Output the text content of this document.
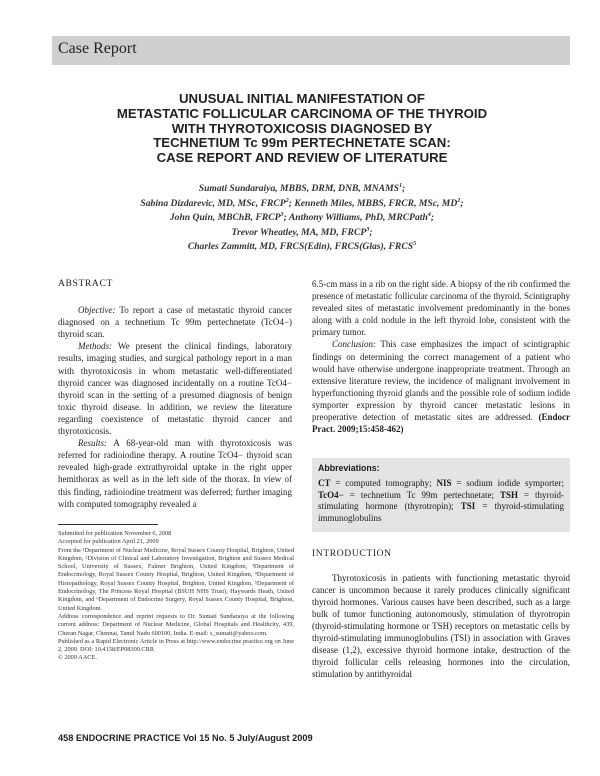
Case Report
UNUSUAL INITIAL MANIFESTATION OF
METASTATIC FOLLICULAR CARCINOMA OF THE THYROID
WITH THYROTOXICOSIS DIAGNOSED BY
TECHNETIUM Tc 99m PERTECHNETATE SCAN:
CASE REPORT AND REVIEW OF LITERATURE
Sumati Sundaraiya, MBBS, DRM, DNB, MNAMS$^1$;
Sabina Dizdarevic, MD, MSc, FRCP$^2$; Kenneth Miles, MBBS, FRCR, MSc, $MD^2$;
John Quin, MBChB, FRCP$^3$; Anthony Williams, PhD, MRCPath$^4$;
Trevor Wheatley, MA, MD, FRCP$^3$;
Charles Zammitt, MD, FRCS(Edin), FRCS(Glas), FRCS$^5$
ABSTRACT

Objective: To report a case of metastatic thyroid cancer diagnosed on a technetium Tc 99m pertechnetate (TcO4−) thyroid scan.

Methods: We present the clinical findings, laboratory results, imaging studies, and surgical pathology report in a man with thyrotoxicosis in whom metastatic well-differentiated thyroid cancer was diagnosed incidentally on a routine TcO4− thyroid scan in the setting of a presumed diagnosis of benign toxic thyroid disease. In addition, we review the literature regarding coexistence of metastatic thyroid cancer and thyrotoxicosis.

Results: A 68-year-old man with thyrotoxicosis was referred for radioiodine therapy. A routine TcO4− thyroid scan revealed high-grade extrathyroidal uptake in the right upper hemithorax as well as in the left side of the thorax. In view of this finding, radioiodine treatment was deferred; further imaging with computed tomography revealed a

Submitted for publication November 6, 2008
Accepted for publication April 21, 2009
From the ¹Department of Nuclear Medicine, Royal Sussex County Hospital, Brighton, United Kingdom, ²Division of Clinical and Laboratory Investigation, Brighton and Sussex Medical School, University of Sussex, Falmer Brighton, United Kingdom, ³Department of Endocrinology, Royal Sussex County Hospital, Brighton, United Kingdom, ⁴Department of Histopathology, Royal Sussex County Hospital, Brighton, United Kingdom, ⁵Department of Endocrinology, The Princess Royal Hospital (BSUH NHS Trust), Haywards Heath, United Kingdom, and ⁶Department of Endocrine Surgery, Royal Sussex County Hospital, Brighton, United Kingdom.
Address correspondence and reprint requests to Dr. Sumati Sundaraiya at the following current address: Department of Nuclear Medicine, Global Hospitals and Healthcity, 439, Cheran Nagar, Chennai, Tamil Nadu 600100, India. E-mail: s_sumati@yahoo.com.
Published as a Rapid Electronic Article in Press at http://www.endocrine practice.org on June 2, 2009. DOI: 10.4158/EP08300.CRR
© 2009 AACE.

6.5-cm mass in a rib on the right side. A biopsy of the rib confirmed the presence of metastatic follicular carcinoma of the thyroid. Scintigraphy revealed sites of metastatic involvement predominantly in the bones along with a cold nodule in the left thyroid lobe, consistent with the primary tumor.

Conclusion: This case emphasizes the impact of scintigraphic findings on determining the correct management of a patient who would have otherwise undergone inappropriate treatment. Through an extensive literature review, the incidence of malignant involvement in hyperfunctioning thyroid glands and the possible role of sodium iodide symporter expression by thyroid cancer metastatic lesions in preoperative detection of metastatic sites are addressed. (Endocr Pract. 2009;15:458-462)

Abbreviations:
CT = computed tomography; NIS = sodium iodide symporter; TcO4− = technetium Tc 99m pertechnetate; TSH = thyroid-stimulating hormone (thyrotropin); TSI = thyroid-stimulating immunoglobulins
INTRODUCTION
Thyrotoxicosis in patients with functioning metastatic thyroid cancer is uncommon because it rarely produces clinically significant thyroid hormones. Various causes have been described, such as a large bulk of tumor functioning autonomously, stimulation of thyrotropin (thyroid-stimulating hormone or TSH) receptors on metastatic cells by thyroid-stimulating immunoglobulins (TSI) in association with Graves disease (1,2), excessive thyroid hormone intake, destruction of the thyroid follicular cells releasing hormones into the circulation, stimulation by antithyroidal
458 ENDOCRINE PRACTICE Vol 15 No. 5 July/August 2009
